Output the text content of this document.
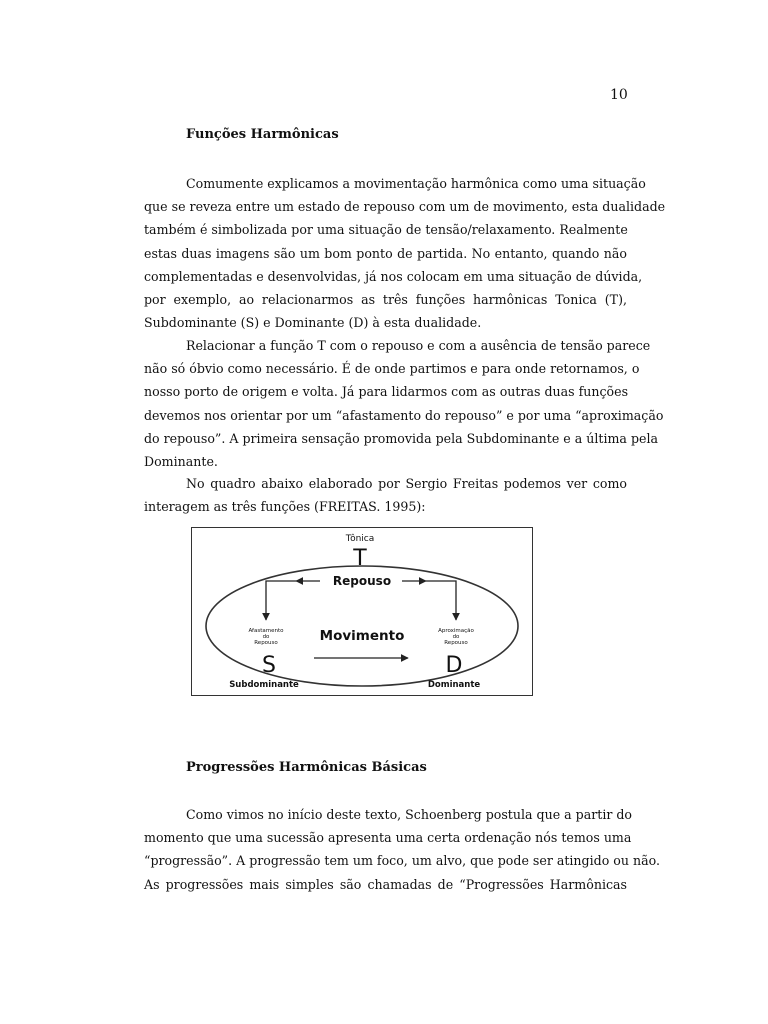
10
Funções Harmônicas
Comumente explicamos a movimentação harmônica como uma situação
que se reveza entre um estado de repouso com um de movimento, esta dualidade
também é simbolizada por uma situação de tensão/relaxamento. Realmente
estas duas imagens são um bom ponto de partida. No entanto, quando não
complementadas e desenvolvidas, já nos colocam em uma situação de dúvida,
por exemplo, ao relacionarmos as três funções harmônicas Tonica (T),
Subdominante (S) e Dominante (D) à esta dualidade.
Relacionar a função T com o repouso e com a ausência de tensão parece
não só óbvio como necessário. É de onde partimos e para onde retornamos, o
nosso porto de origem e volta. Já para lidarmos com as outras duas funções
devemos nos orientar por um “afastamento do repouso” e por uma “aproximação
do repouso”. A primeira sensação promovida pela Subdominante e a última pela
Dominante.
No quadro abaixo elaborado por Sergio Freitas podemos ver como
interagem as três funções (FREITAS. 1995):
Tônica
T
Repouso
Afastamento
do
Repouso
Aproximação
do
Repouso
Movimento
S	D
Subdominante	Dominante
Progressões Harmônicas Básicas
Como vimos no início deste texto, Schoenberg postula que a partir do
momento que uma sucessão apresenta uma certa ordenação nós temos uma
“progressão”. A progressão tem um foco, um alvo, que pode ser atingido ou não.
As progressões mais simples são chamadas de “Progressões Harmônicas
